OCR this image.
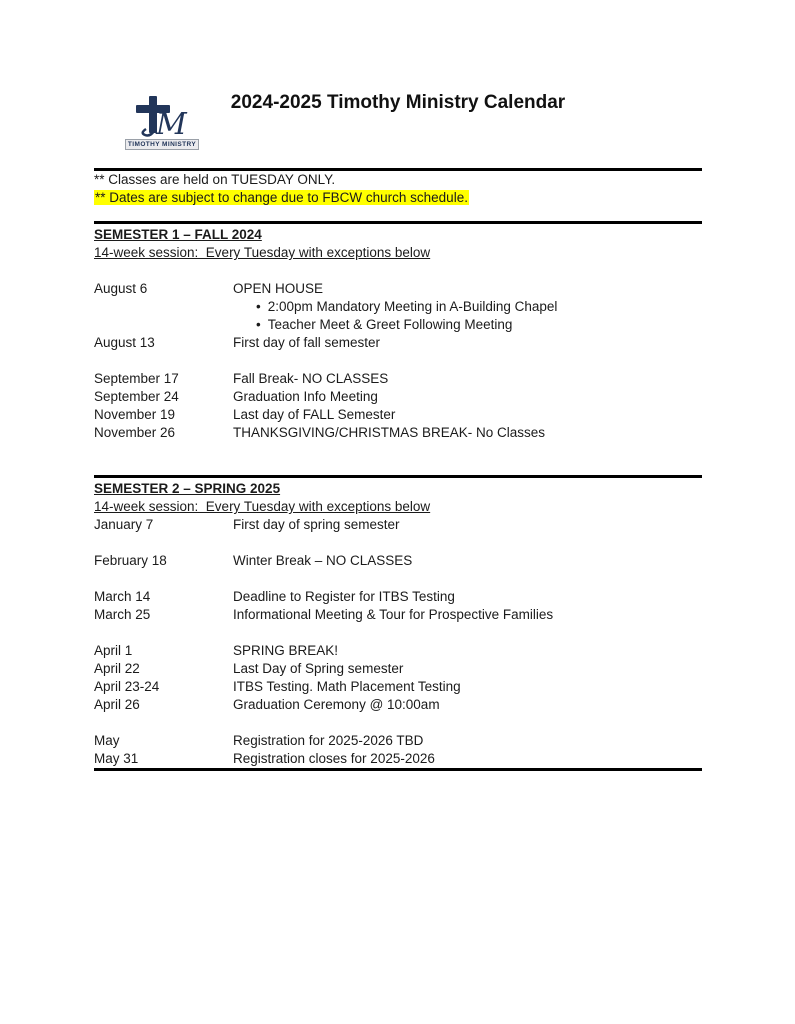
M
TIMOTHY MINISTRY
2024-2025 Timothy Ministry Calendar

** Classes are held on TUESDAY ONLY.

** Dates are subject to change due to FBCW church schedule.

SEMESTER 1 – FALL 2024

14-week session:  Every Tuesday with exceptions below

August 6	OPEN HOUSE
• 2:00pm Mandatory Meeting in A-Building Chapel
• Teacher Meet & Greet Following Meeting
August 13	First day of fall semester
September 17	Fall Break- NO CLASSES
September 24	Graduation Info Meeting
November 19	Last day of FALL Semester
November 26	THANKSGIVING/CHRISTMAS BREAK- No Classes
SEMESTER 2 – SPRING 2025

14-week session:  Every Tuesday with exceptions below

January 7	First day of spring semester
February 18	Winter Break – NO CLASSES
March 14	Deadline to Register for ITBS Testing
March 25	Informational Meeting & Tour for Prospective Families
April 1	SPRING BREAK!
April 22	Last Day of Spring semester
April 23-24	ITBS Testing. Math Placement Testing
April 26	Graduation Ceremony @ 10:00am
May	Registration for 2025-2026 TBD
May 31	Registration closes for 2025-2026
